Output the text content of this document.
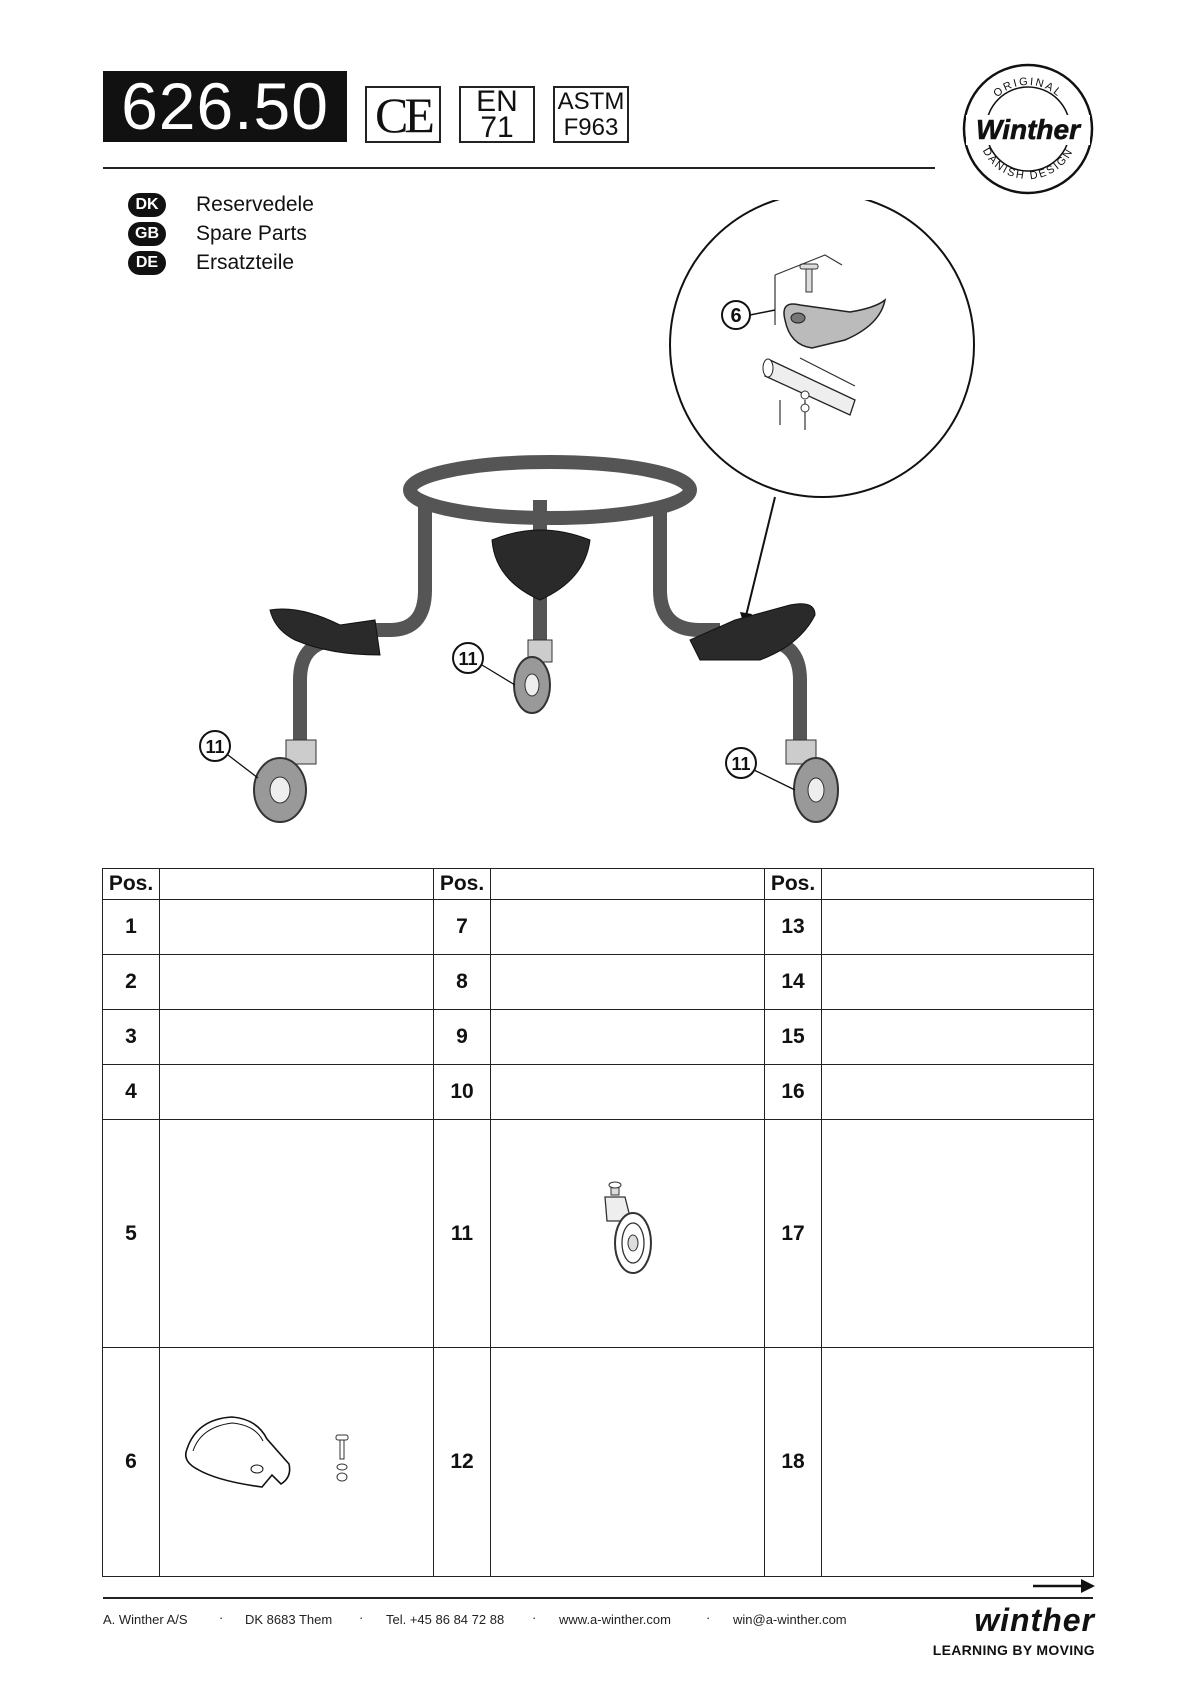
626.50 CE	EN 71
ASTM
F963
ORIGINAL
DANISH DESIGN
Winther
DK	Reservedele
GB	Spare Parts
DE	Ersatzteile
6
11
11
11
Pos.		Pos.		Pos.	
1		7		13	
2		8		14	
3		9		15	
4		10		16	
5		11		17	
6		12		18	
A. Winther A/S · DK 8683 Them · Tel. +45 86 84 72 88 · www.a-winther.com	· win@a-winther.com	winther
LEARNING BY MOVING
